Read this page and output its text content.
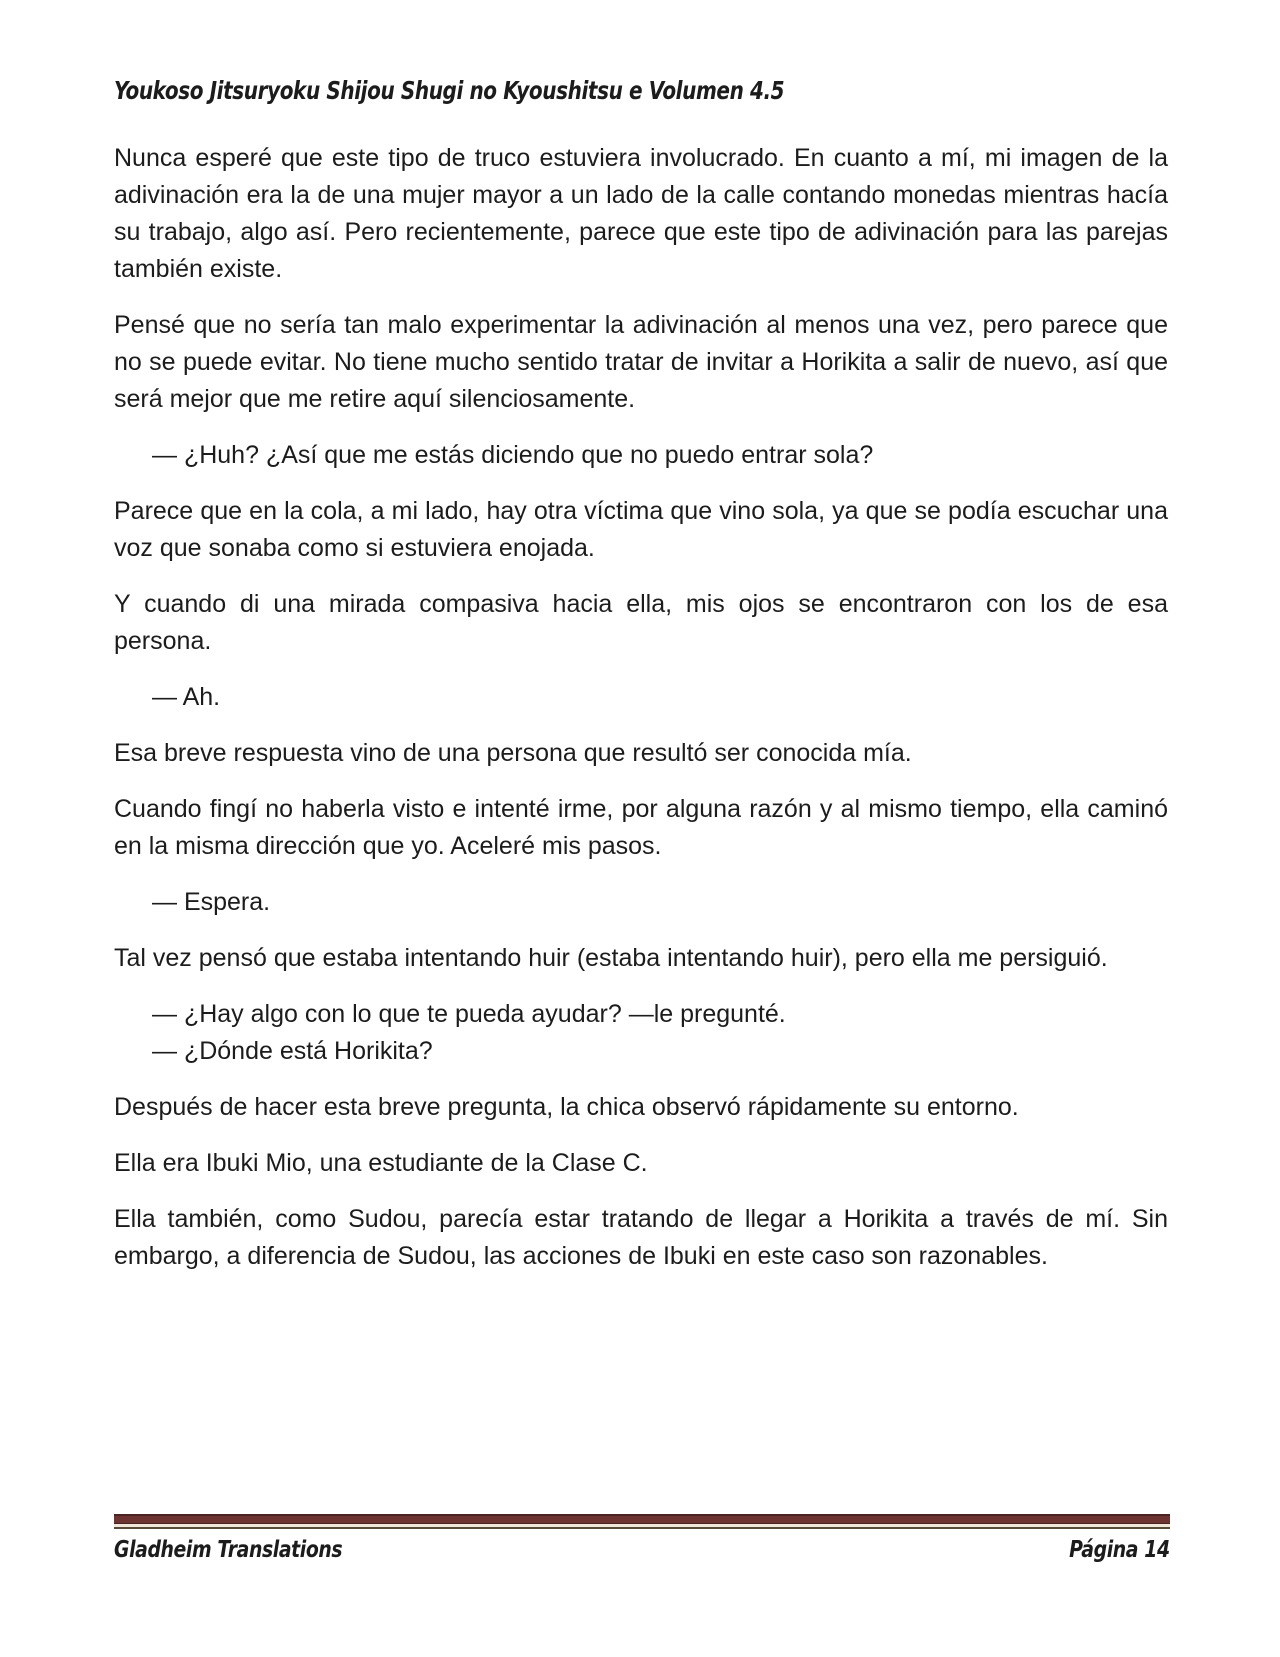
Youkoso Jitsuryoku Shijou Shugi no Kyoushitsu e Volumen 4.5

Nunca esperé que este tipo de truco estuviera involucrado. En cuanto a mí, mi imagen de la adivinación era la de una mujer mayor a un lado de la calle contando monedas mientras hacía su trabajo, algo así. Pero recientemente, parece que este tipo de adivinación para las parejas también existe.

Pensé que no sería tan malo experimentar la adivinación al menos una vez, pero parece que no se puede evitar. No tiene mucho sentido tratar de invitar a Horikita a salir de nuevo, así que será mejor que me retire aquí silenciosamente.

— ¿Huh? ¿Así que me estás diciendo que no puedo entrar sola?

Parece que en la cola, a mi lado, hay otra víctima que vino sola, ya que se podía escuchar una voz que sonaba como si estuviera enojada.

Y cuando di una mirada compasiva hacia ella, mis ojos se encontraron con los de esa persona.

— Ah.

Esa breve respuesta vino de una persona que resultó ser conocida mía.

Cuando fingí no haberla visto e intenté irme, por alguna razón y al mismo tiempo, ella caminó en la misma dirección que yo. Aceleré mis pasos.

— Espera.

Tal vez pensó que estaba intentando huir (estaba intentando huir), pero ella me persiguió.

— ¿Hay algo con lo que te pueda ayudar? —le pregunté.

— ¿Dónde está Horikita?

Después de hacer esta breve pregunta, la chica observó rápidamente su entorno.

Ella era Ibuki Mio, una estudiante de la Clase C.

Ella también, como Sudou, parecía estar tratando de llegar a Horikita a través de mí. Sin embargo, a diferencia de Sudou, las acciones de Ibuki en este caso son razonables.

Gladheim Translations	Página 14
